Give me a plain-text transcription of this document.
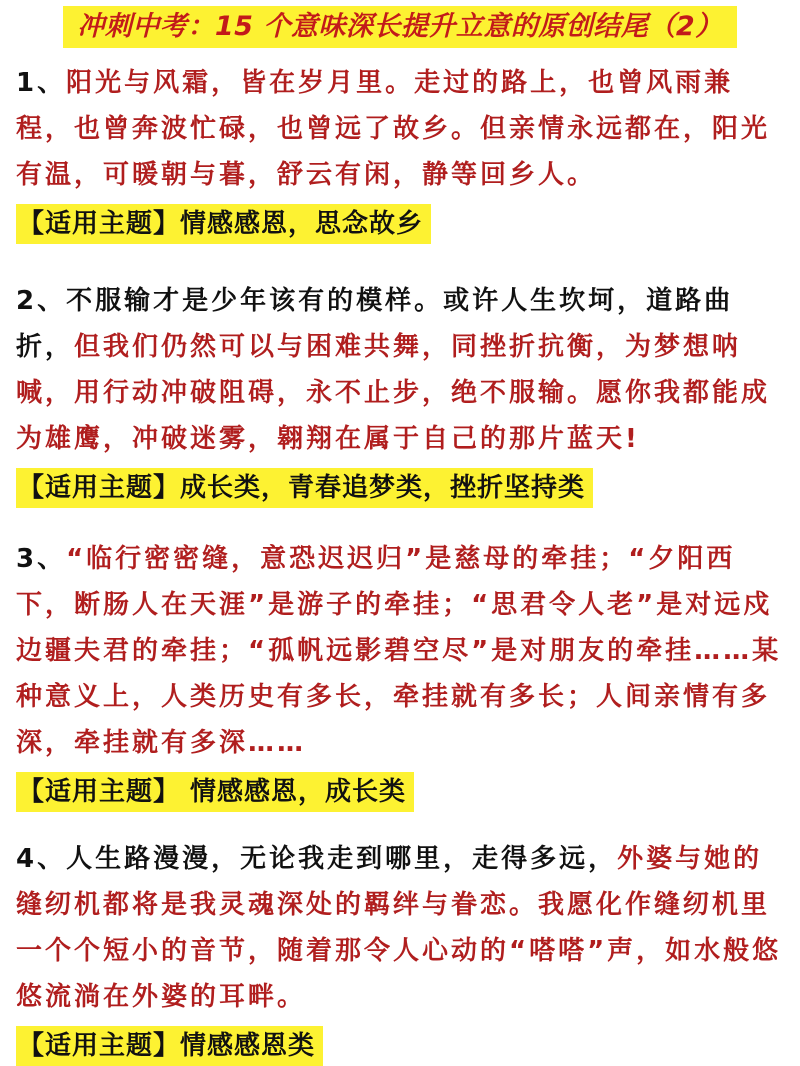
冲刺中考：15 个意味深长提升立意的原创结尾（2）

1、阳光与风霜，皆在岁月里。走过的路上，也曾风雨兼程，也曾奔波忙碌，也曾远了故乡。但亲情永远都在，阳光有温，可暖朝与暮，舒云有闲，静等回乡人。

【适用主题】情感感恩，思念故乡

2、不服输才是少年该有的模样。或许人生坎坷，道路曲折，但我们仍然可以与困难共舞，同挫折抗衡，为梦想呐喊，用行动冲破阻碍，永不止步，绝不服输。愿你我都能成为雄鹰，冲破迷雾，翱翔在属于自己的那片蓝天!

【适用主题】成长类，青春追梦类，挫折坚持类

3、“临行密密缝，意恐迟迟归”是慈母的牵挂；“夕阳西下，断肠人在天涯”是游子的牵挂；“思君令人老”是对远戍边疆夫君的牵挂；“孤帆远影碧空尽”是对朋友的牵挂……某种意义上，人类历史有多长，牵挂就有多长；人间亲情有多深，牵挂就有多深……

【适用主题】 情感感恩，成长类

4、人生路漫漫，无论我走到哪里，走得多远，外婆与她的缝纫机都将是我灵魂深处的羁绊与眷恋。我愿化作缝纫机里一个个短小的音节，随着那令人心动的“嗒嗒”声，如水般悠悠流淌在外婆的耳畔。

【适用主题】情感感恩类
